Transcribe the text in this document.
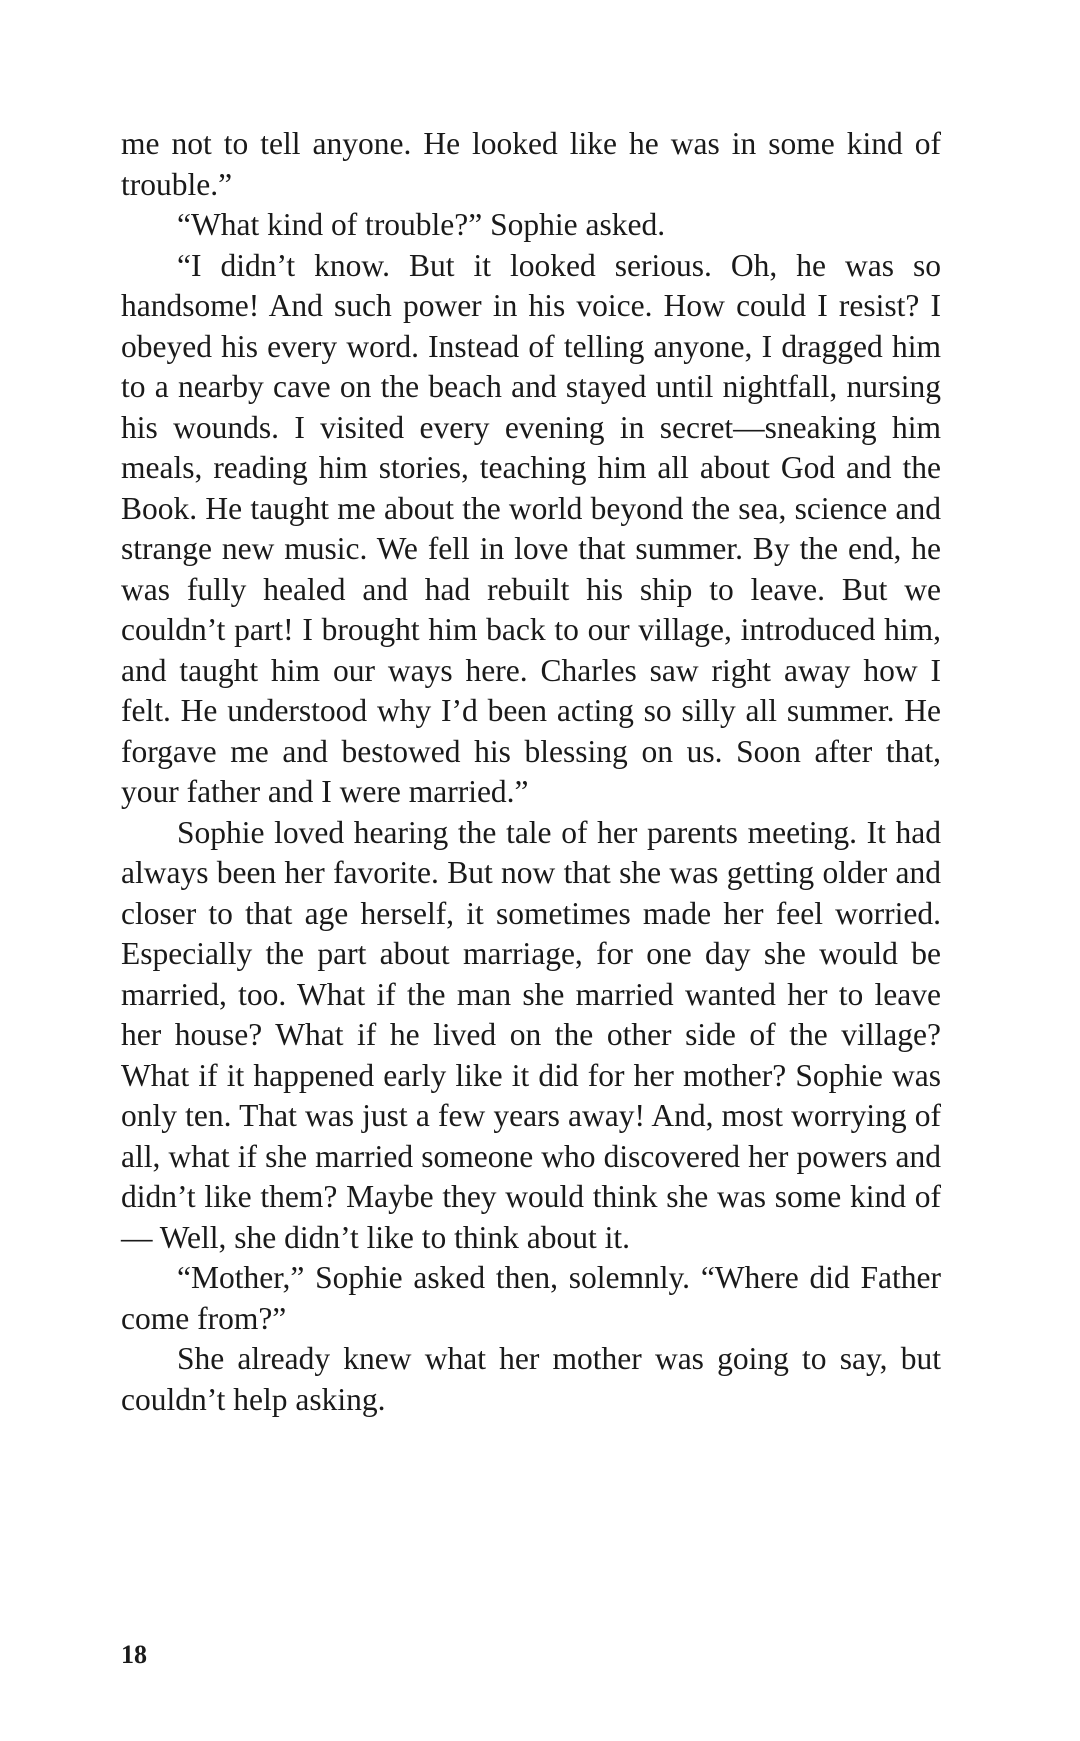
me not to tell anyone. He looked like he was in some kind of trouble.”

“What kind of trouble?” Sophie asked.

“I didn’t know. But it looked serious. Oh, he was so handsome! And such power in his voice. How could I resist? I obeyed his every word. Instead of telling anyone, I dragged him to a nearby cave on the beach and stayed until nightfall, nursing his wounds. I visited every evening in secret—sneaking him meals, reading him stories, teaching him all about God and the Book. He taught me about the world beyond the sea, science and strange new music. We fell in love that summer. By the end, he was fully healed and had rebuilt his ship to leave. But we couldn’t part! I brought him back to our village, introduced him, and taught him our ways here. Charles saw right away how I felt. He understood why I’d been acting so silly all summer. He forgave me and bestowed his blessing on us. Soon after that, your father and I were married.”

Sophie loved hearing the tale of her parents meeting. It had always been her favorite. But now that she was getting older and closer to that age herself, it sometimes made her feel worried. Especially the part about marriage, for one day she would be married, too. What if the man she married wanted her to leave her house? What if he lived on the other side of the village? What if it happened early like it did for her mother? Sophie was only ten. That was just a few years away! And, most worrying of all, what if she married someone who discovered her powers and didn’t like them? Maybe they would think she was some kind of— Well, she didn’t like to think about it.

“Mother,” Sophie asked then, solemnly. “Where did Father come from?”

She already knew what her mother was going to say, but couldn’t help asking.

18
